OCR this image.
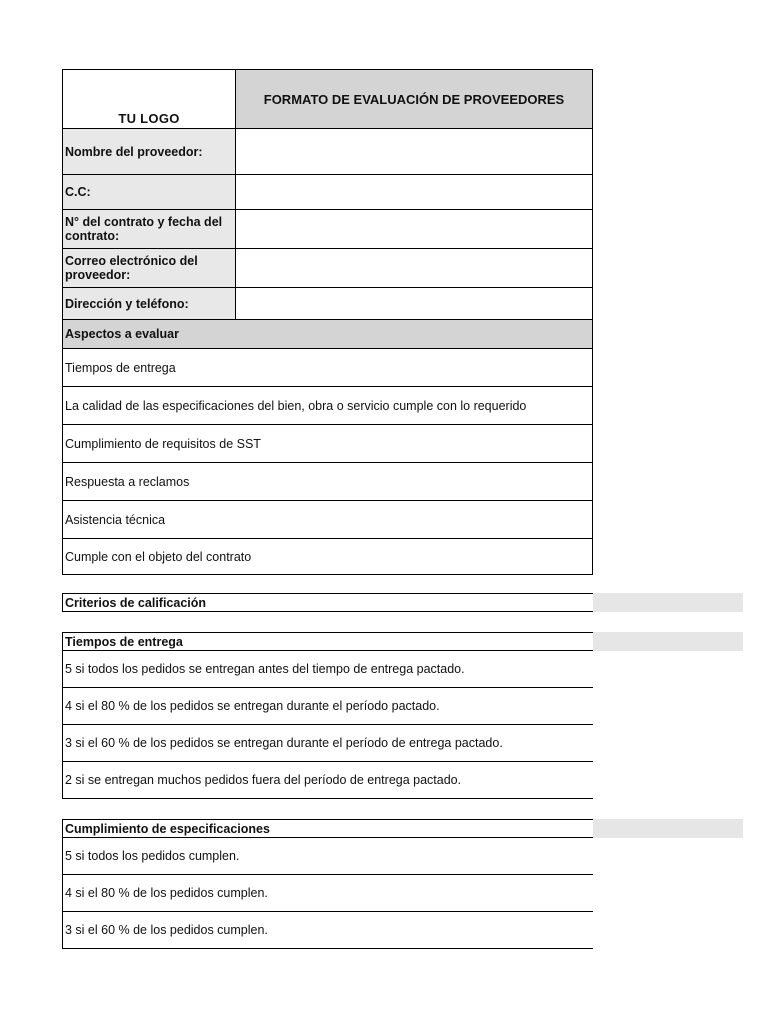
TU LOGO
FORMATO DE EVALUACIÓN DE PROVEEDORES
Nombre del proveedor:
C.C:
N° del contrato y fecha del contrato:
Correo electrónico del proveedor:
Dirección y teléfono:
Aspectos a evaluar
Tiempos de entrega
La calidad de las especificaciones del bien, obra o servicio cumple con lo requerido
Cumplimiento de requisitos de SST
Respuesta a reclamos
Asistencia técnica
Cumple con el objeto del contrato
Criterios de calificación
Tiempos de entrega
5 si todos los pedidos se entregan antes del tiempo de entrega pactado.
4 si el 80 % de los pedidos se entregan durante el período pactado.
3 si el 60 % de los pedidos se entregan durante el período de entrega pactado.
2 si se entregan muchos pedidos fuera del período de entrega pactado.
Cumplimiento de especificaciones
5 si todos los pedidos cumplen.
4 si el 80 % de los pedidos cumplen.
3 si el 60 % de los pedidos cumplen.
